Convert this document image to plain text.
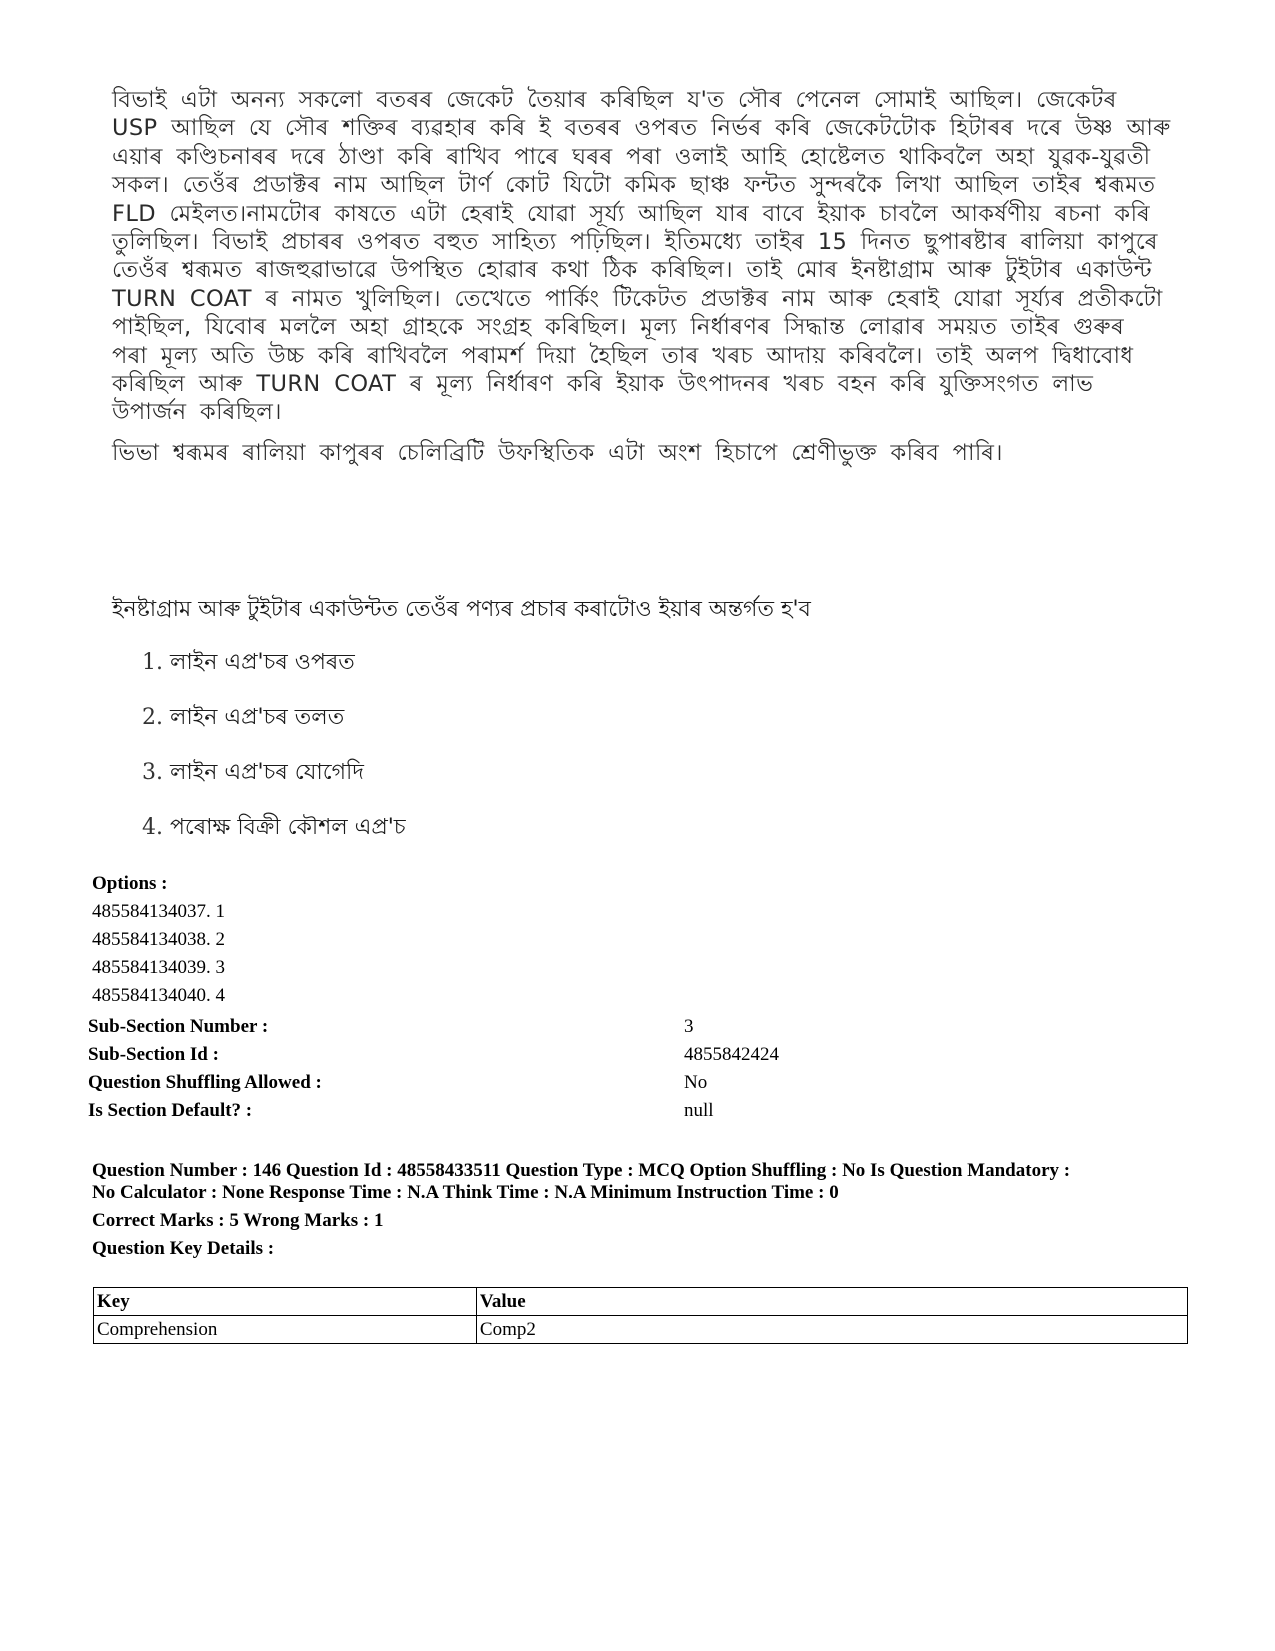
বিভাই এটা অনন্য সকলো বতৰৰ জেকেট তৈয়াৰ কৰিছিল য'ত সৌৰ পেনেল সোমাই আছিল। জেকেটৰ USP আছিল যে সৌৰ শক্তিৰ ব্যৱহাৰ কৰি ই বতৰৰ ওপৰত নিৰ্ভৰ কৰি জেকেটটোক হিটাৰৰ দৰে উষ্ণ আৰু এয়াৰ কণ্ডিচনাৰৰ দৰে ঠাণ্ডা কৰি ৰাখিব পাৰে ঘৰৰ পৰা ওলাই আহি হোষ্টেলত থাকিবলৈ অহা যুৱক-যুৱতী সকল। তেওঁৰ প্ৰডাক্টৰ নাম আছিল টাৰ্ণ কোট যিটো কমিক ছাঞ্চ ফন্টত সুন্দৰকৈ লিখা আছিল তাইৰ শ্বৰূমত FLD মেইলত।নামটোৰ কাষতে এটা হেৰাই যোৱা সূৰ্য্য আছিল যাৰ বাবে ইয়াক চাবলৈ আকৰ্ষণীয় ৰচনা কৰি তুলিছিল। বিভাই প্ৰচাৰৰ ওপৰত বহুত সাহিত্য পঢ়িছিল। ইতিমধ্যে তাইৰ 15 দিনত ছুপাৰষ্টাৰ ৰালিয়া কাপুৰে তেওঁৰ শ্বৰূমত ৰাজহুৱাভাৱে উপস্থিত হোৱাৰ কথা ঠিক কৰিছিল। তাই মোৰ ইনষ্টাগ্ৰাম আৰু টুইটাৰ একাউন্ট TURN COAT ৰ নামত খুলিছিল। তেখেতে পাৰ্কিং টিকেটত প্ৰডাক্টৰ নাম আৰু হেৰাই যোৱা সূৰ্য্যৰ প্ৰতীকটো পাইছিল, যিবোৰ মললৈ অহা গ্ৰাহকে সংগ্ৰহ কৰিছিল। মূল্য নিৰ্ধাৰণৰ সিদ্ধান্ত লোৱাৰ সময়ত তাইৰ গুৰুৰ পৰা মূল্য অতি উচ্চ কৰি ৰাখিবলৈ পৰামৰ্শ দিয়া হৈছিল তাৰ খৰচ আদায় কৰিবলৈ। তাই অলপ দ্বিধাবোধ কৰিছিল আৰু TURN COAT ৰ মূল্য নিৰ্ধাৰণ কৰি ইয়াক উৎপাদনৰ খৰচ বহন কৰি যুক্তিসংগত লাভ উপাৰ্জন কৰিছিল।

ভিভা শ্বৰূমৰ ৰালিয়া কাপুৰৰ চেলিব্ৰিটি উফস্থিতিক এটা অংশ হিচাপে শ্ৰেণীভুক্ত কৰিব পাৰি।

ইনষ্টাগ্ৰাম আৰু টুইটাৰ একাউন্টত তেওঁৰ পণ্যৰ প্ৰচাৰ কৰাটোও ইয়াৰ অন্তৰ্গত হ'ব
1. লাইন এপ্ৰ'চৰ ওপৰত
2. লাইন এপ্ৰ'চৰ তলত
3. লাইন এপ্ৰ'চৰ যোগেদি
4. পৰোক্ষ বিক্ৰী কৌশল এপ্ৰ'চ
Options :
485584134037. 1
485584134038. 2
485584134039. 3
485584134040. 4
Sub-Section Number :	3
Sub-Section Id :	4855842424
Question Shuffling Allowed :	No
Is Section Default? :	null
Question Number : 146 Question Id : 48558433511 Question Type : MCQ Option Shuffling : No Is Question Mandatory :
No Calculator : None Response Time : N.A Think Time : N.A Minimum Instruction Time : 0
Correct Marks : 5 Wrong Marks : 1
Question Key Details :
Key	Value
Comprehension	Comp2
